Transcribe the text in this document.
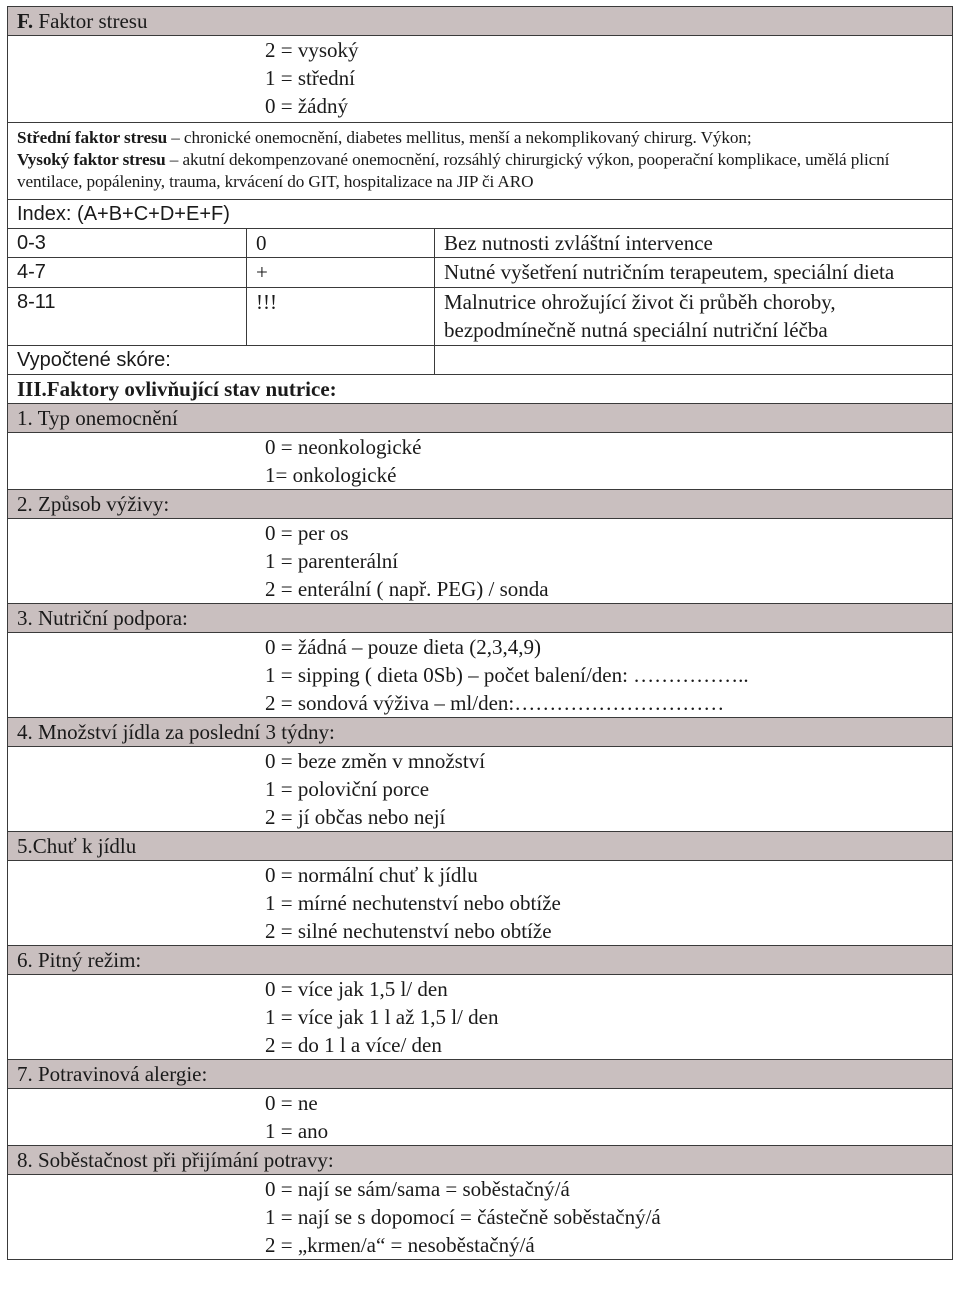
F. Faktor stresu		

2 = vysoký
1 = střední
0 = žádný		

Střední faktor stresu – chronické onemocnění, diabetes mellitus, menší a nekomplikovaný chirurg. Výkon;
Vysoký faktor stresu – akutní dekompenzované onemocnění, rozsáhlý chirurgický výkon, pooperační komplikace, umělá plicní ventilace, popáleniny, trauma, krvácení do GIT, hospitalizace na JIP či ARO		
Index: (A+B+C+D+E+F)		
0-3	0	Bez nutnosti zvláštní intervence
4-7	+	Nutné vyšetření nutričním terapeutem, speciální dieta
8-11	!!!	Malnutrice ohrožující život či průběh choroby, bezpodmínečně nutná speciální nutriční léčba
Vypočtené skóre:		
III.Faktory ovlivňující stav nutrice:		
1. Typ onemocnění		

0 = neonkologické
1= onkologické		

2. Způsob výživy:		

0 = per os
1 = parenterální
2 = enterální ( např. PEG) / sonda		

3. Nutriční podpora:		

0 = žádná – pouze dieta (2,3,4,9)
1 = sipping ( dieta 0Sb) – počet balení/den: ……………..
2 = sondová výživa – ml/den:…………………………		

4. Množství jídla za poslední 3 týdny:		

0 = beze změn v množství
1 = poloviční porce
2 = jí občas nebo nejí		

5.Chuť k jídlu		

0 = normální chuť k jídlu
1 = mírné nechutenství nebo obtíže
2 = silné nechutenství nebo obtíže		

6. Pitný režim:		

0 = více jak 1,5 l/ den
1 = více jak 1 l až 1,5 l/ den
2 = do 1 l a více/ den		

7. Potravinová alergie:		

0 = ne
1 = ano		

8. Soběstačnost při přijímání potravy:		

0 = nají se sám/sama = soběstačný/á
1 = nají se s dopomocí = částečně soběstačný/á
2 = „krmen/a“ = nesoběstačný/á		
